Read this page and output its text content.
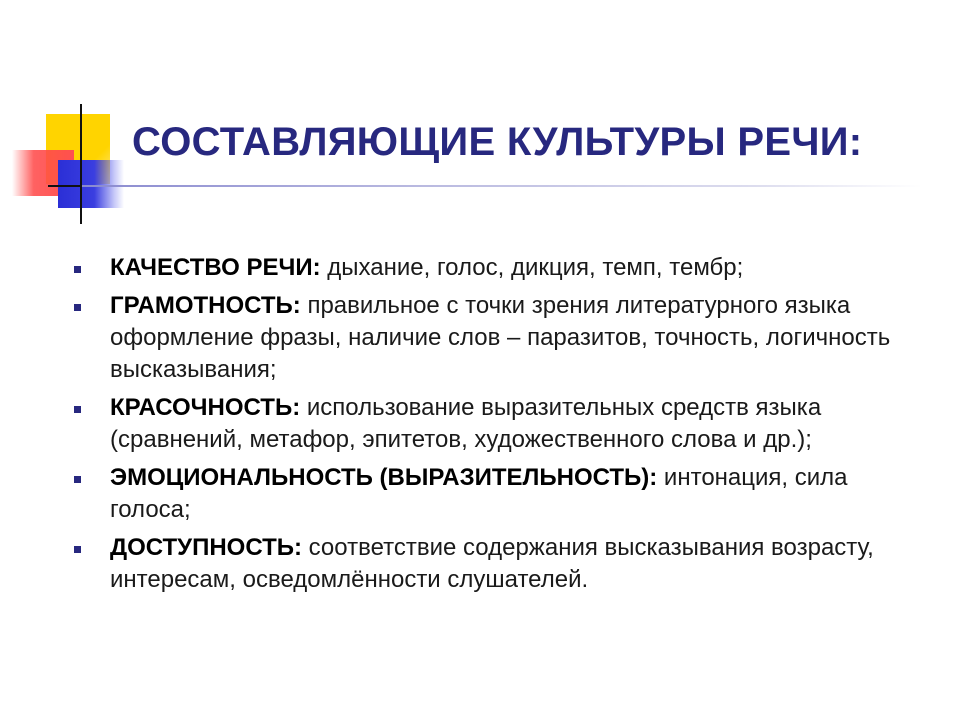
СОСТАВЛЯЮЩИЕ КУЛЬТУРЫ РЕЧИ:
КАЧЕСТВО РЕЧИ: дыхание, голос, дикция, темп, тембр;
ГРАМОТНОСТЬ: правильное с точки зрения литературного языка оформление фразы, наличие слов – паразитов, точность, логичность высказывания;
КРАСОЧНОСТЬ: использование выразительных средств языка (сравнений, метафор, эпитетов, художественного слова и др.);
ЭМОЦИОНАЛЬНОСТЬ (ВЫРАЗИТЕЛЬНОСТЬ): интонация, сила голоса;
ДОСТУПНОСТЬ: соответствие содержания высказывания возрасту, интересам, осведомлённости слушателей.
